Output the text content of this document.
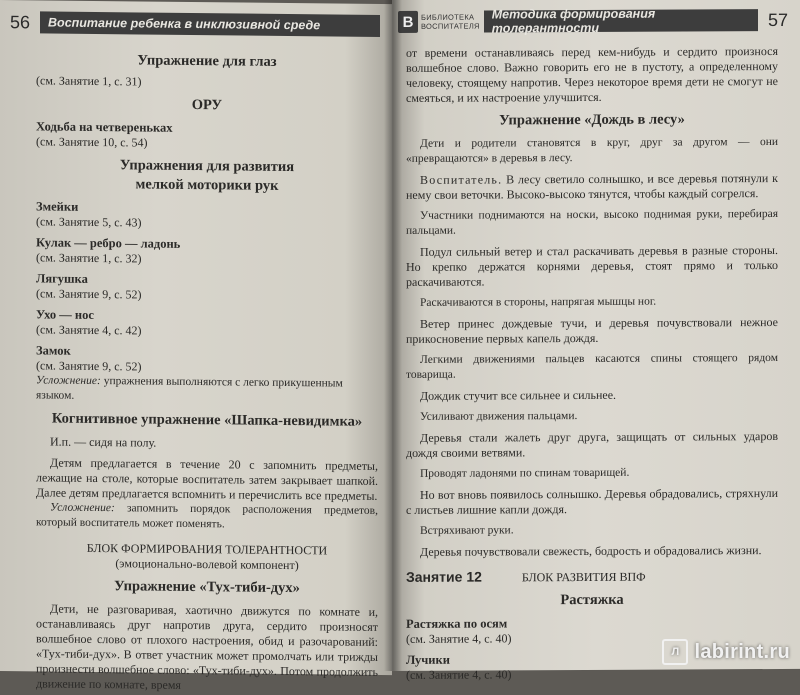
56	Воспитание ребенка в инклюзивной среде
Упражнение для глаз
(см. Занятие 1, с. 31)
ОРУ
Ходьба на четвереньках
(см. Занятие 10, с. 54)
Упражнения для развития
мелкой моторики рук
Змейки
(см. Занятие 5, с. 43)
Кулак — ребро — ладонь
(см. Занятие 1, с. 32)
Лягушка
(см. Занятие 9, с. 52)
Ухо — нос
(см. Занятие 4, с. 42)
Замок
(см. Занятие 9, с. 52)

Усложнение: упражнения выполняются с легко прикушенным языком.

Когнитивное упражнение «Шапка-невидимка»

И.п. — сидя на полу.

Детям предлагается в течение 20 с запомнить предметы, лежащие на столе, которые воспитатель затем закрывает шапкой. Далее детям предлагается вспомнить и перечислить все предметы.

Усложнение: запомнить порядок расположения предметов, который воспитатель может поменять.

БЛОК ФОРМИРОВАНИЯ ТОЛЕРАНТНОСТИ
(эмоционально-волевой компонент)
Упражнение «Тух-тиби-дух»

Дети, не разговаривая, хаотично движутся по комнате и, останавливаясь друг напротив друга, сердито произносят волшебное слово от плохого настроения, обид и разочарований: «Тух-тиби-дух». В ответ участник может промолчать или трижды произнести волшебное слово: «Тух-тиби-дух». Потом продолжить движение по комнате, время

В	БИБЛИОТЕКА
ВОСПИТАТЕЛЯ
Методика формирования толерантности	57

от времени останавливаясь перед кем-нибудь и сердито произнося волшебное слово. Важно говорить его не в пустоту, а определенному человеку, стоящему напротив. Через некоторое время дети не смогут не смеяться, и их настроение улучшится.

Упражнение «Дождь в лесу»

Дети и родители становятся в круг, друг за другом — они «превращаются» в деревья в лесу.

Воспитатель. В лесу светило солнышко, и все деревья потянули к нему свои веточки. Высоко-высоко тянутся, чтобы каждый согрелся.

Участники поднимаются на носки, высоко поднимая руки, перебирая пальцами.

Подул сильный ветер и стал раскачивать деревья в разные стороны. Но крепко держатся корнями деревья, стоят прямо и только раскачиваются.

Раскачиваются в стороны, напрягая мышцы ног.

Ветер принес дождевые тучи, и деревья почувствовали нежное прикосновение первых капель дождя.

Легкими движениями пальцев касаются спины стоящего рядом товарища.

Дождик стучит все сильнее и сильнее.

Усиливают движения пальцами.

Деревья стали жалеть друг друга, защищать от сильных ударов дождя своими ветвями.

Проводят ладонями по спинам товарищей.

Но вот вновь появилось солнышко. Деревья обрадовались, стряхнули с листьев лишние капли дождя.

Встряхивают руки.

Деревья почувствовали свежесть, бодрость и обрадовались жизни.

Занятие 12	БЛОК РАЗВИТИЯ ВПФ
Растяжка
Растяжка по осям
(см. Занятие 4, с. 40)
Лучики
(см. Занятие 4, с. 40)
Л labirint.ru
